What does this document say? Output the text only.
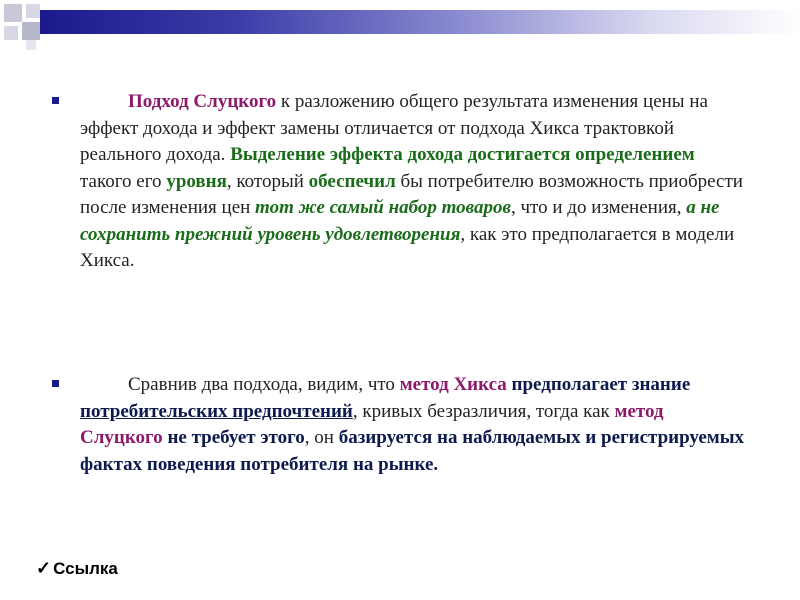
Подход Слуцкого к разложению общего результата изменения цены на эффект дохода и эффект замены отличается от подхода Хикса трактовкой реального дохода. Выделение эффекта дохода достигается определением такого его уровня, который обеспечил бы потребителю возможность приобрести после изменения цен тот же самый набор товаров, что и до изменения, а не сохранить прежний уровень удовлетворения, как это предполагается в модели Хикса.
Сравнив два подхода, видим, что метод Хикса предполагает знание потребительских предпочтений, кривых безразличия, тогда как метод Слуцкого не требует этого, он базируется на наблюдаемых и регистрируемых фактах поведения потребителя на рынке.
✓ Ссылка
